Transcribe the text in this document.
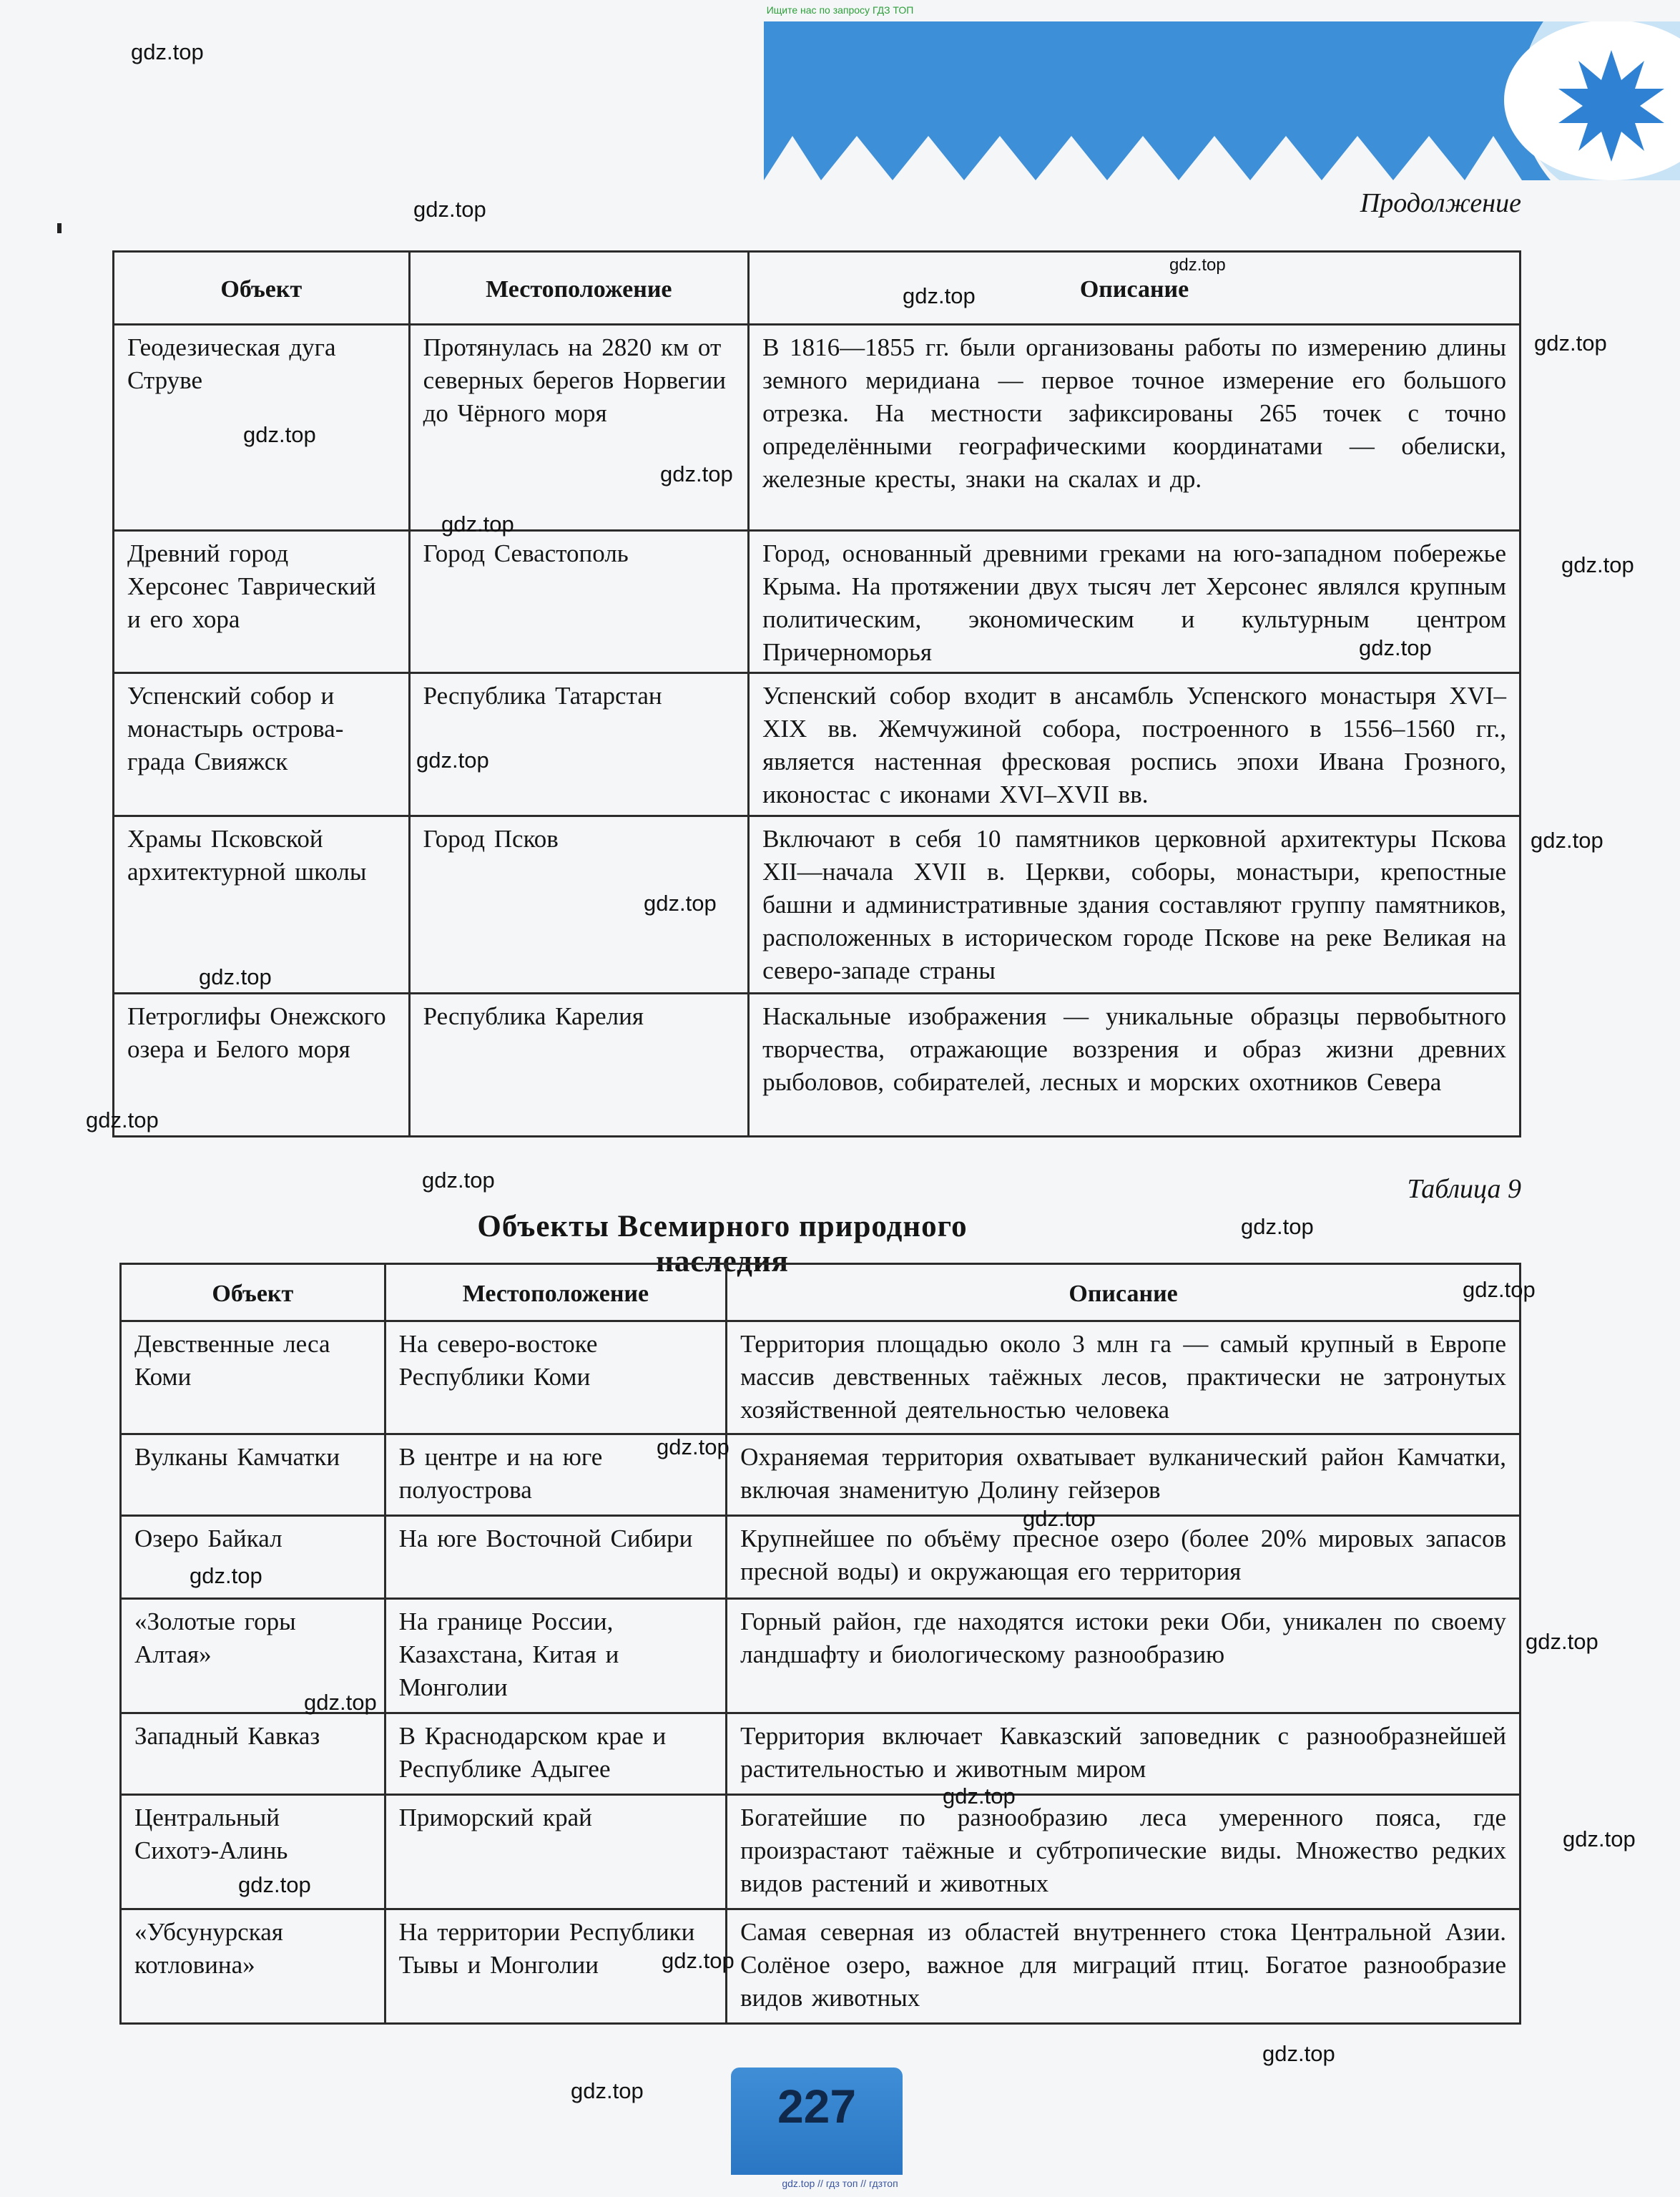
Ищите нас по запросу ГДЗ ТОП
Продолжение
Объект	Местоположение	Описание
Геодезическая дуга Струве	Протянулась на 2820 км от северных берегов Норвегии до Чёрного моря	В 1816—1855 гг. были организованы работы по измерению длины земного меридиана — первое точное измерение его большого отрезка. На местности зафиксированы 265 точек с точно определёнными географическими координатами — обелиски, железные кресты, знаки на скалах и др.
Древний город Херсонес Таврический и его хора	Город Севастополь	Город, основанный древними греками на юго-западном побережье Крыма. На протяжении двух тысяч лет Херсонес являлся крупным политическим, экономическим и культурным центром Причерноморья
Успенский собор и монастырь острова-града Свияжск	Республика Татарстан	Успенский собор входит в ансамбль Успенского монастыря XVI–XIX вв. Жемчужиной собора, построенного в 1556–1560 гг., является настенная фресковая роспись эпохи Ивана Грозного, иконостас с иконами XVI–XVII вв.
Храмы Псковской архитектурной школы	Город Псков	Включают в себя 10 памятников церковной архитектуры Пскова XII—начала XVII в. Церкви, соборы, монастыри, крепостные башни и административные здания составляют группу памятников, расположенных в историческом городе Пскове на реке Великая на северо-западе страны
Петроглифы Онежского озера и Белого моря	Республика Карелия	Наскальные изображения — уникальные образцы первобытного творчества, отражающие воззрения и образ жизни древних рыболовов, собирателей, лесных и морских охотников Севера
Таблица 9
Объекты Всемирного природного наследия
Объект	Местоположение	Описание
Девственные леса Коми	На северо-востоке Республики Коми	Территория площадью около 3 млн га — самый крупный в Европе массив девственных таёжных лесов, практически не затронутых хозяйственной деятельностью человека
Вулканы Камчатки	В центре и на юге полуострова	Охраняемая территория охватывает вулканический район Камчатки, включая знаменитую Долину гейзеров
Озеро Байкал	На юге Восточной Сибири	Крупнейшее по объёму пресное озеро (более 20% мировых запасов пресной воды) и окружающая его территория
«Золотые горы Алтая»	На границе России, Казахстана, Китая и Монголии	Горный район, где находятся истоки реки Оби, уникален по своему ландшафту и биологическому разнообразию
Западный Кавказ	В Краснодарском крае и Республике Адыгее	Территория включает Кавказский заповедник с разнообразнейшей растительностью и животным миром
Центральный Сихотэ-Алинь	Приморский край	Богатейшие по разнообразию леса умеренного пояса, где произрастают таёжные и субтропические виды. Множество редких видов растений и животных
«Убсунурская котловина»	На территории Республики Тывы и Монголии	Самая северная из областей внутреннего стока Центральной Азии. Солёное озеро, важное для миграций птиц. Богатое разнообразие видов животных
227
gdz.top // гдз топ // гдзтоп
gdz.top
gdz.top
gdz.top
gdz.top
gdz.top
gdz.top
gdz.top
gdz.top
gdz.top
gdz.top
gdz.top
gdz.top
gdz.top
gdz.top
gdz.top
gdz.top
gdz.top
gdz.top
gdz.top
gdz.top
gdz.top
gdz.top
gdz.top
gdz.top
gdz.top
gdz.top
gdz.top
gdz.top
gdz.top
